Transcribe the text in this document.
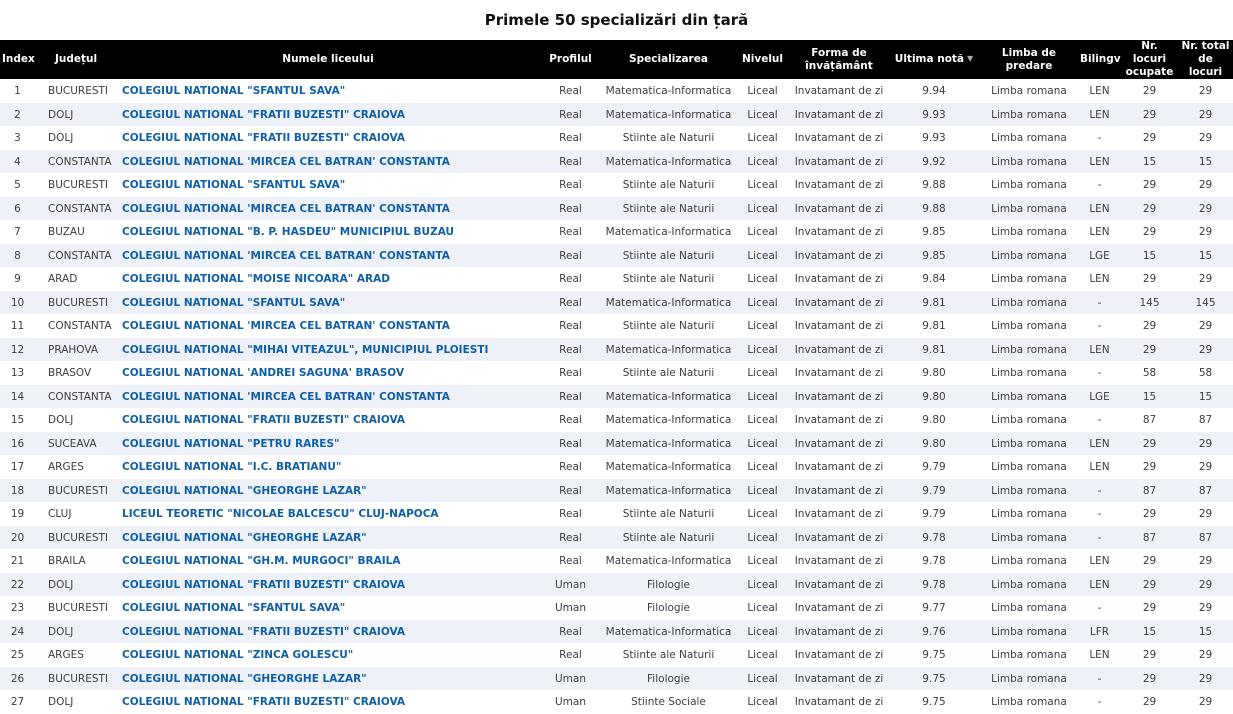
Primele 50 specializări din țară
Index	Județul	Numele liceului	Profilul	Specializarea	Nivelul	Forma de învățământ	Ultima notă ▼	Limba de predare	Bilingv	Nr. locuri ocupate	Nr. total de locuri
1	BUCURESTI	COLEGIUL NATIONAL "SFANTUL SAVA"	Real	Matematica-Informatica	Liceal	Invatamant de zi	9.94	Limba romana	LEN	29	29
2	DOLJ	COLEGIUL NATIONAL "FRATII BUZESTI" CRAIOVA	Real	Matematica-Informatica	Liceal	Invatamant de zi	9.93	Limba romana	LEN	29	29
3	DOLJ	COLEGIUL NATIONAL "FRATII BUZESTI" CRAIOVA	Real	Stiinte ale Naturii	Liceal	Invatamant de zi	9.93	Limba romana	-	29	29
4	CONSTANTA	COLEGIUL NATIONAL 'MIRCEA CEL BATRAN' CONSTANTA	Real	Matematica-Informatica	Liceal	Invatamant de zi	9.92	Limba romana	LEN	15	15
5	BUCURESTI	COLEGIUL NATIONAL "SFANTUL SAVA"	Real	Stiinte ale Naturii	Liceal	Invatamant de zi	9.88	Limba romana	-	29	29
6	CONSTANTA	COLEGIUL NATIONAL 'MIRCEA CEL BATRAN' CONSTANTA	Real	Stiinte ale Naturii	Liceal	Invatamant de zi	9.88	Limba romana	LEN	29	29
7	BUZAU	COLEGIUL NATIONAL "B. P. HASDEU" MUNICIPIUL BUZAU	Real	Matematica-Informatica	Liceal	Invatamant de zi	9.85	Limba romana	LEN	29	29
8	CONSTANTA	COLEGIUL NATIONAL 'MIRCEA CEL BATRAN' CONSTANTA	Real	Stiinte ale Naturii	Liceal	Invatamant de zi	9.85	Limba romana	LGE	15	15
9	ARAD	COLEGIUL NATIONAL "MOISE NICOARA" ARAD	Real	Stiinte ale Naturii	Liceal	Invatamant de zi	9.84	Limba romana	LEN	29	29
10	BUCURESTI	COLEGIUL NATIONAL "SFANTUL SAVA"	Real	Matematica-Informatica	Liceal	Invatamant de zi	9.81	Limba romana	-	145	145
11	CONSTANTA	COLEGIUL NATIONAL 'MIRCEA CEL BATRAN' CONSTANTA	Real	Stiinte ale Naturii	Liceal	Invatamant de zi	9.81	Limba romana	-	29	29
12	PRAHOVA	COLEGIUL NATIONAL "MIHAI VITEAZUL", MUNICIPIUL PLOIESTI	Real	Matematica-Informatica	Liceal	Invatamant de zi	9.81	Limba romana	LEN	29	29
13	BRASOV	COLEGIUL NATIONAL 'ANDREI SAGUNA' BRASOV	Real	Stiinte ale Naturii	Liceal	Invatamant de zi	9.80	Limba romana	-	58	58
14	CONSTANTA	COLEGIUL NATIONAL 'MIRCEA CEL BATRAN' CONSTANTA	Real	Matematica-Informatica	Liceal	Invatamant de zi	9.80	Limba romana	LGE	15	15
15	DOLJ	COLEGIUL NATIONAL "FRATII BUZESTI" CRAIOVA	Real	Matematica-Informatica	Liceal	Invatamant de zi	9.80	Limba romana	-	87	87
16	SUCEAVA	COLEGIUL NATIONAL "PETRU RARES"	Real	Matematica-Informatica	Liceal	Invatamant de zi	9.80	Limba romana	LEN	29	29
17	ARGES	COLEGIUL NATIONAL "I.C. BRATIANU"	Real	Matematica-Informatica	Liceal	Invatamant de zi	9.79	Limba romana	LEN	29	29
18	BUCURESTI	COLEGIUL NATIONAL "GHEORGHE LAZAR"	Real	Matematica-Informatica	Liceal	Invatamant de zi	9.79	Limba romana	-	87	87
19	CLUJ	LICEUL TEORETIC "NICOLAE BALCESCU" CLUJ-NAPOCA	Real	Stiinte ale Naturii	Liceal	Invatamant de zi	9.79	Limba romana	-	29	29
20	BUCURESTI	COLEGIUL NATIONAL "GHEORGHE LAZAR"	Real	Stiinte ale Naturii	Liceal	Invatamant de zi	9.78	Limba romana	-	87	87
21	BRAILA	COLEGIUL NATIONAL "GH.M. MURGOCI" BRAILA	Real	Matematica-Informatica	Liceal	Invatamant de zi	9.78	Limba romana	LEN	29	29
22	DOLJ	COLEGIUL NATIONAL "FRATII BUZESTI" CRAIOVA	Uman	Filologie	Liceal	Invatamant de zi	9.78	Limba romana	LEN	29	29
23	BUCURESTI	COLEGIUL NATIONAL "SFANTUL SAVA"	Uman	Filologie	Liceal	Invatamant de zi	9.77	Limba romana	-	29	29
24	DOLJ	COLEGIUL NATIONAL "FRATII BUZESTI" CRAIOVA	Real	Matematica-Informatica	Liceal	Invatamant de zi	9.76	Limba romana	LFR	15	15
25	ARGES	COLEGIUL NATIONAL "ZINCA GOLESCU"	Real	Stiinte ale Naturii	Liceal	Invatamant de zi	9.75	Limba romana	LEN	29	29
26	BUCURESTI	COLEGIUL NATIONAL "GHEORGHE LAZAR"	Uman	Filologie	Liceal	Invatamant de zi	9.75	Limba romana	-	29	29
27	DOLJ	COLEGIUL NATIONAL "FRATII BUZESTI" CRAIOVA	Uman	Stiinte Sociale	Liceal	Invatamant de zi	9.75	Limba romana	-	29	29
